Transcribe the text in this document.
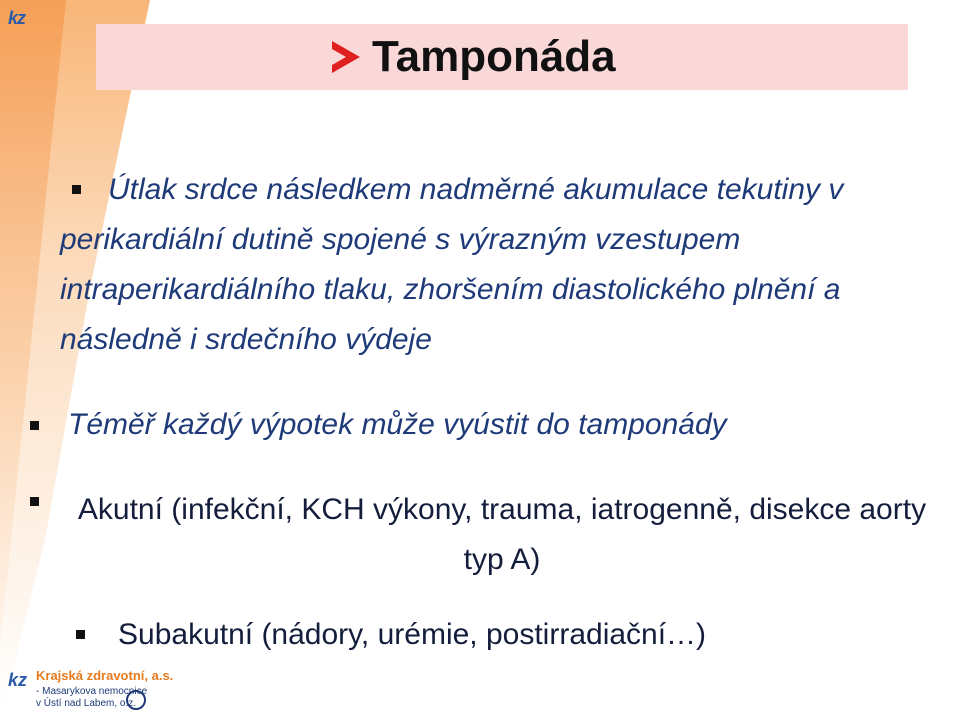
kz
Tamponáda

Útlak srdce následkem nadměrné akumulace tekutiny v perikardiální dutině spojené s výrazným vzestupem intraperikardiálního tlaku, zhoršením diastolického plnění a následně i srdečního výdeje

Téměř každý výpotek může vyústit do tamponády

Akutní (infekční, KCH výkony, trauma, iatrogenně, disekce aorty typ A)

Subakutní (nádory, urémie, postirradiační…)

kz Krajská zdravotní, a.s.
- Masarykova nemocnice
v Ústí nad Labem, o.z.
